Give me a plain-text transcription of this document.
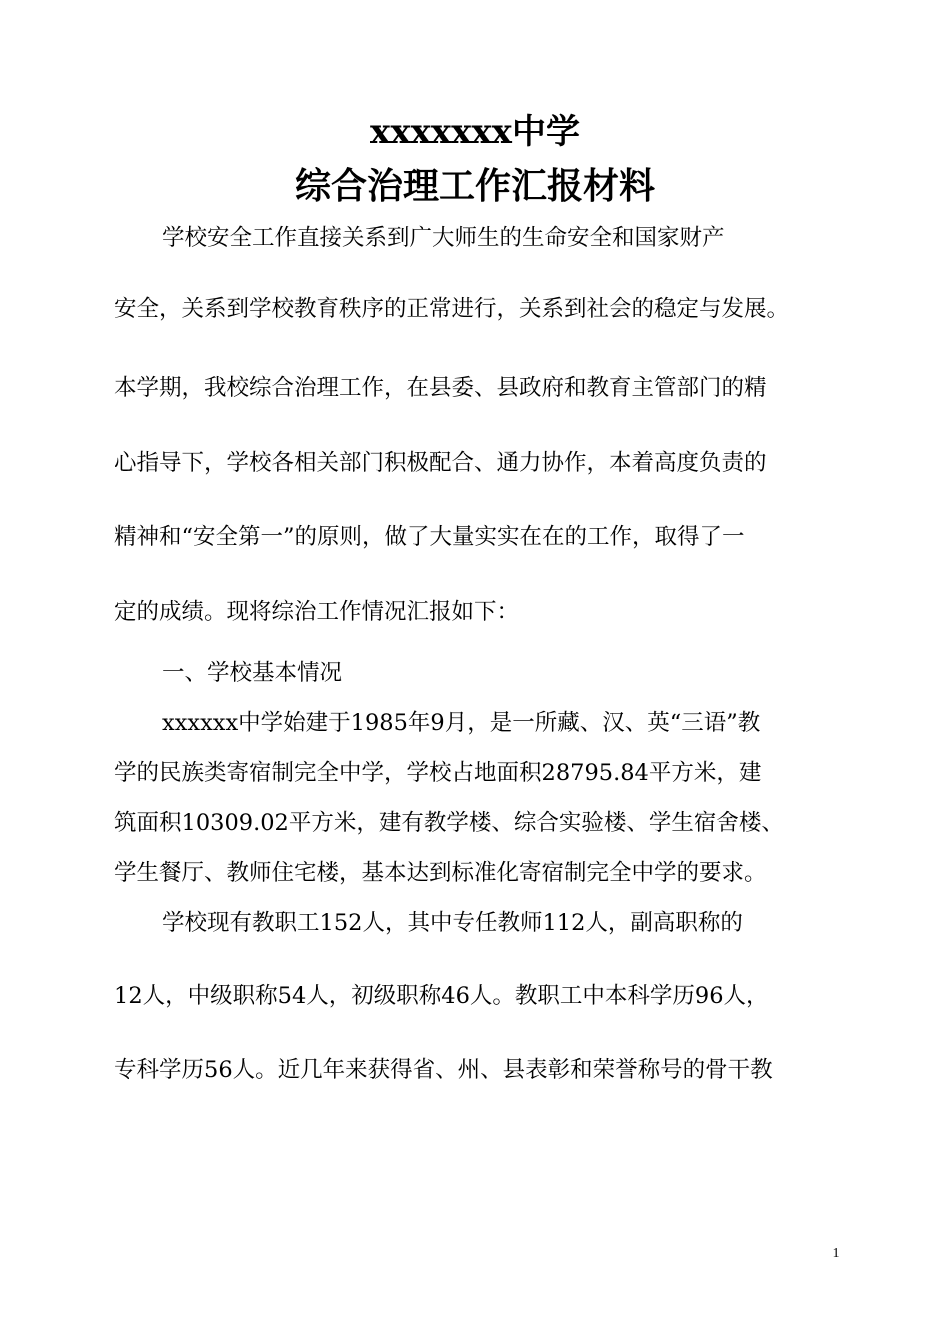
xxxxxxx中学
综合治理工作汇报材料
学校安全工作直接关系到广大师生的生命安全和国家财产
安全，关系到学校教育秩序的正常进行，关系到社会的稳定与发展。
本学期，我校综合治理工作，在县委、县政府和教育主管部门的精
心指导下，学校各相关部门积极配合、通力协作，本着高度负责的
精神和“安全第一”的原则，做了大量实实在在的工作，取得了一
定的成绩。现将综治工作情况汇报如下：
一、学校基本情况
xxxxxx中学始建于1985年9月，是一所藏、汉、英“三语”教
学的民族类寄宿制完全中学，学校占地面积28795.84平方米，建
筑面积10309.02平方米，建有教学楼、综合实验楼、学生宿舍楼、
学生餐厅、教师住宅楼，基本达到标准化寄宿制完全中学的要求。
学校现有教职工152人，其中专任教师112人，副高职称的
12人，中级职称54人，初级职称46人。教职工中本科学历96人，
专科学历56人。近几年来获得省、州、县表彰和荣誉称号的骨干教
1
